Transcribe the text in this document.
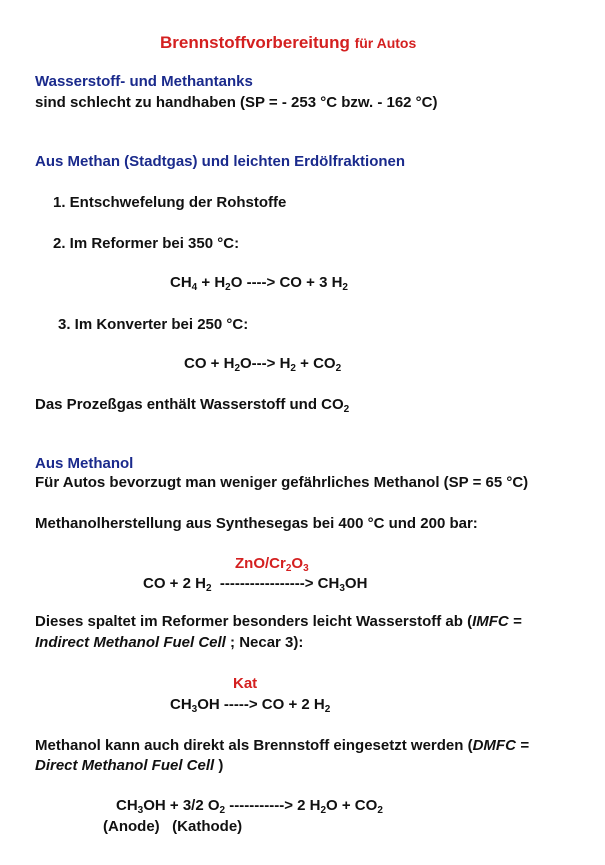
Brennstoffvorbereitung für Autos
Wasserstoff- und Methantanks
sind schlecht zu handhaben (SP = - 253 °C bzw. - 162 °C)
Aus Methan (Stadtgas) und leichten Erdölfraktionen
1. Entschwefelung der Rohstoffe
2. Im Reformer bei 350 °C:
$CH_4 + H_2O$ ----> CO + 3 $H_2$
3. Im Konverter bei 250 °C:
CO + $H_2O---> H_2 + CO_2$
Das Prozeßgas enthält Wasserstoff und $CO_2$
Aus Methanol
Für Autos bevorzugt man weniger gefährliches Methanol (SP = 65 °C)
Methanolherstellung aus Synthesegas bei 400 °C und 200 bar:
ZnO/$Cr_2O_3$
CO + 2 $H_2$  -----------------> $CH_3OH$
Dieses spaltet im Reformer besonders leicht Wasserstoff ab (IMFC =
Indirect Methanol Fuel Cell ; Necar 3):
Kat
$CH_3OH$ -----> CO + 2 $H_2$
Methanol kann auch direkt als Brennstoff eingesetzt werden (DMFC =
Direct Methanol Fuel Cell )
$CH_3OH + 3/2$ $O_2$ -----------> 2 $H_2O + CO_2$
(Anode) (Kathode)
